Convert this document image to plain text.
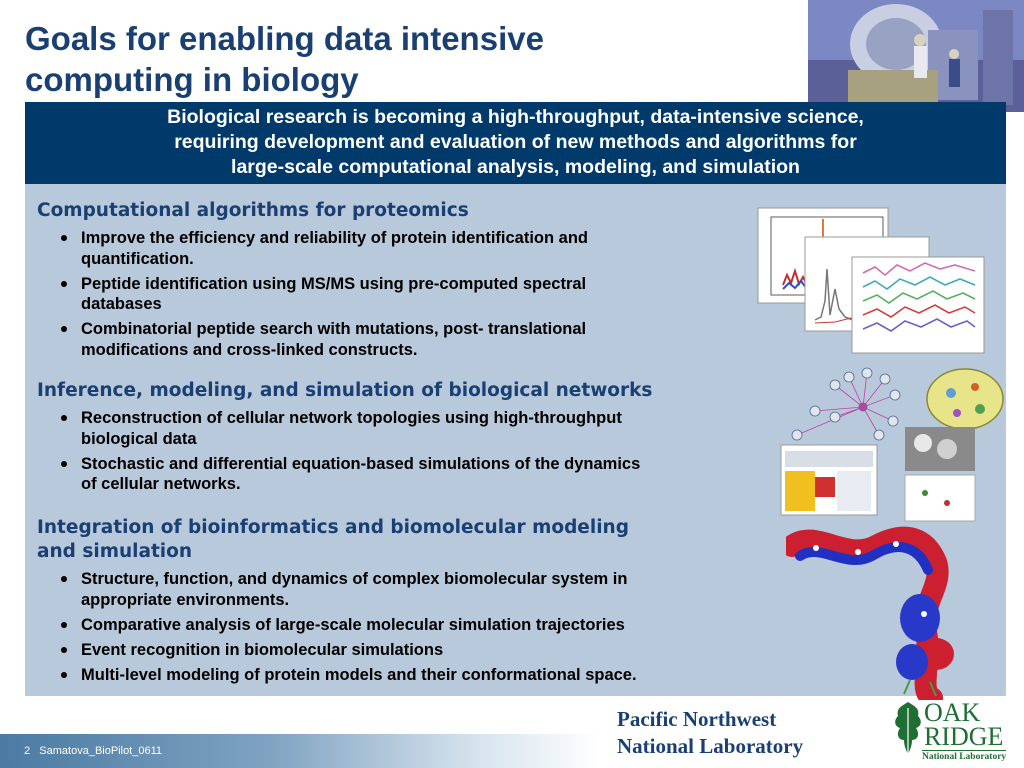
Goals for enabling data intensive
computing in biology
Biological research is becoming a high-throughput, data-intensive science,
requiring development and evaluation of new methods and algorithms for
large-scale computational analysis, modeling, and simulation
Computational algorithms for proteomics
Improve the efficiency and reliability of protein identification and
quantification.
Peptide identification using MS/MS using pre-computed spectral
databases
Combinatorial peptide search with mutations, post- translational
modifications and cross-linked constructs.
Inference, modeling, and simulation of biological networks
Reconstruction of cellular network topologies using high-throughput
biological data
Stochastic and differential equation-based simulations of the dynamics
of cellular networks.
Integration of bioinformatics and biomolecular modeling
and simulation
Structure, function, and dynamics of complex biomolecular system in
appropriate environments.
Comparative analysis of large-scale molecular simulation trajectories
Event recognition in biomolecular simulations
Multi-level modeling of protein models and their conformational space.
2 Samatova_BioPilot_0611
Pacific Northwest
National Laboratory
OAK
RIDGE
National Laboratory
